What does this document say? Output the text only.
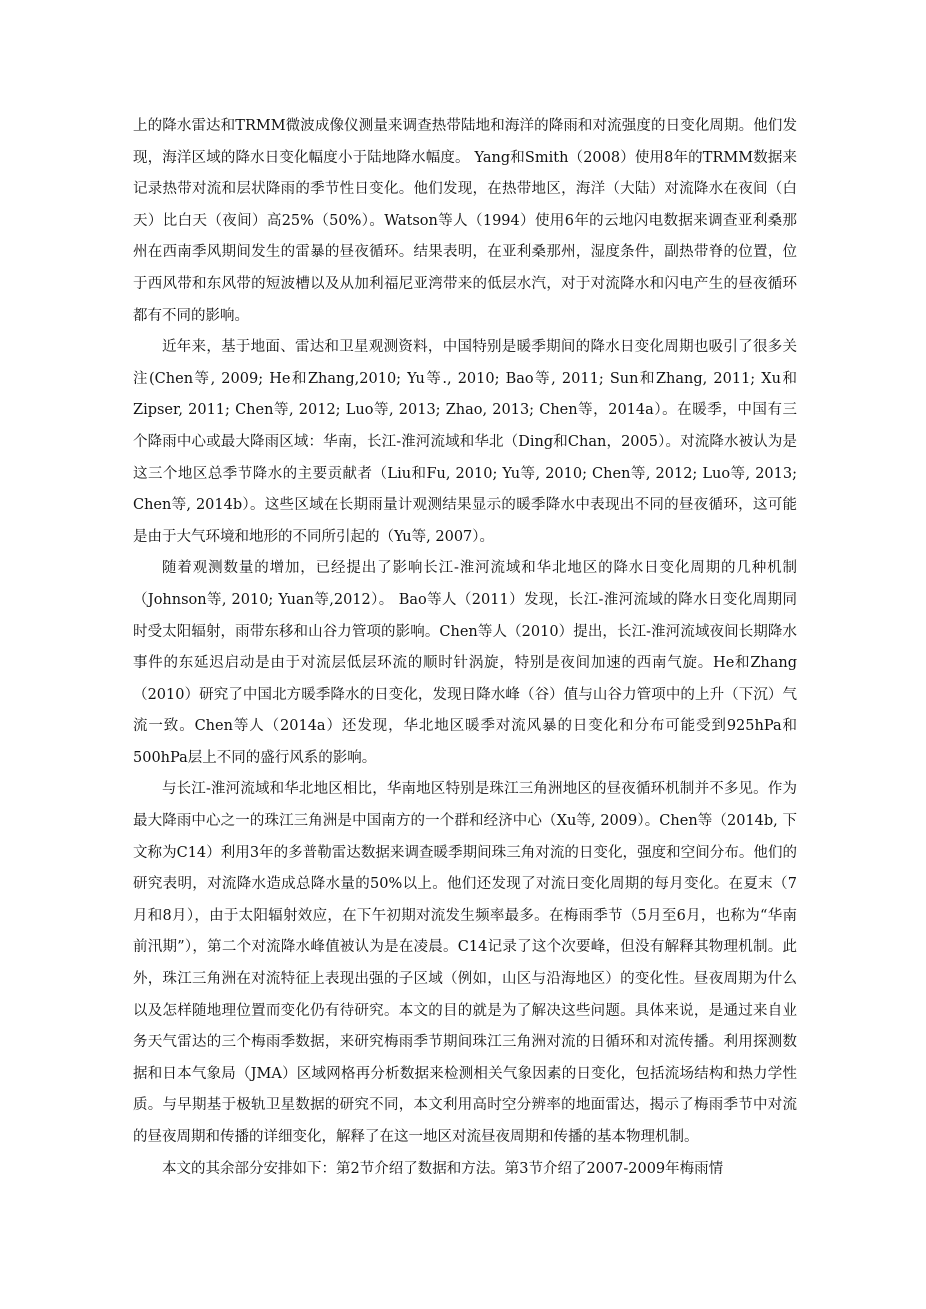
上的降水雷达和TRMM微波成像仪测量来调查热带陆地和海洋的降雨和对流强度的日变化周期。他们发现，海洋区域的降水日变化幅度小于陆地降水幅度。 Yang和Smith（2008）使用8年的TRMM数据来记录热带对流和层状降雨的季节性日变化。他们发现，在热带地区，海洋（大陆）对流降水在夜间（白天）比白天（夜间）高25%（50%）。Watson等人（1994）使用6年的云地闪电数据来调查亚利桑那州在西南季风期间发生的雷暴的昼夜循环。结果表明，在亚利桑那州，湿度条件，副热带脊的位置，位于西风带和东风带的短波槽以及从加利福尼亚湾带来的低层水汽，对于对流降水和闪电产生的昼夜循环都有不同的影响。

近年来，基于地面、雷达和卫星观测资料，中国特别是暖季期间的降水日变化周期也吸引了很多关注(Chen等, 2009; He和Zhang,2010; Yu等., 2010; Bao等, 2011; Sun和Zhang, 2011; Xu和Zipser, 2011; Chen等, 2012; Luo等, 2013; Zhao, 2013; Chen等，2014a）。在暖季，中国有三个降雨中心或最大降雨区域：华南，长江-淮河流域和华北（Ding和Chan，2005）。对流降水被认为是这三个地区总季节降水的主要贡献者（Liu和Fu, 2010; Yu等, 2010; Chen等, 2012; Luo等, 2013; Chen等, 2014b）。这些区域在长期雨量计观测结果显示的暖季降水中表现出不同的昼夜循环，这可能是由于大气环境和地形的不同所引起的（Yu等, 2007）。

随着观测数量的增加，已经提出了影响长江-淮河流域和华北地区的降水日变化周期的几种机制（Johnson等, 2010; Yuan等,2012）。 Bao等人（2011）发现，长江-淮河流域的降水日变化周期同时受太阳辐射，雨带东移和山谷力管项的影响。Chen等人（2010）提出，长江-淮河流域夜间长期降水事件的东延迟启动是由于对流层低层环流的顺时针涡旋，特别是夜间加速的西南气旋。He和Zhang（2010）研究了中国北方暖季降水的日变化，发现日降水峰（谷）值与山谷力管项中的上升（下沉）气流一致。Chen等人（2014a）还发现，华北地区暖季对流风暴的日变化和分布可能受到925hPa和500hPa层上不同的盛行风系的影响。

与长江-淮河流域和华北地区相比，华南地区特别是珠江三角洲地区的昼夜循环机制并不多见。作为最大降雨中心之一的珠江三角洲是中国南方的一个群和经济中心（Xu等, 2009）。Chen等（2014b, 下文称为C14）利用3年的多普勒雷达数据来调查暖季期间珠三角对流的日变化，强度和空间分布。他们的研究表明，对流降水造成总降水量的50%以上。他们还发现了对流日变化周期的每月变化。在夏末（7月和8月），由于太阳辐射效应，在下午初期对流发生频率最多。在梅雨季节（5月至6月，也称为“华南前汛期”），第二个对流降水峰值被认为是在凌晨。C14记录了这个次要峰，但没有解释其物理机制。此外，珠江三角洲在对流特征上表现出强的子区域（例如，山区与沿海地区）的变化性。昼夜周期为什么以及怎样随地理位置而变化仍有待研究。本文的目的就是为了解决这些问题。具体来说，是通过来自业务天气雷达的三个梅雨季数据，来研究梅雨季节期间珠江三角洲对流的日循环和对流传播。利用探测数据和日本气象局（JMA）区域网格再分析数据来检测相关气象因素的日变化，包括流场结构和热力学性质。与早期基于极轨卫星数据的研究不同，本文利用高时空分辨率的地面雷达，揭示了梅雨季节中对流的昼夜周期和传播的详细变化，解释了在这一地区对流昼夜周期和传播的基本物理机制。

本文的其余部分安排如下：第2节介绍了数据和方法。第3节介绍了2007-2009年梅雨情
